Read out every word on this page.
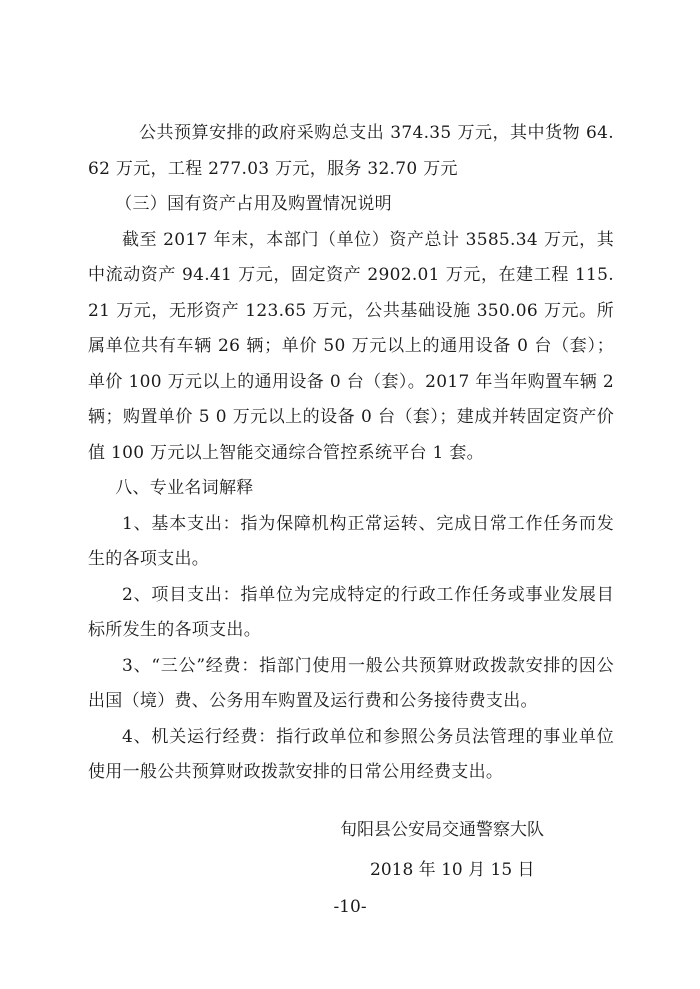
公共预算安排的政府采购总支出 374.35 万元，其中货物 64.62 万元，工程 277.03 万元，服务 32.70 万元

（三）国有资产占用及购置情况说明

截至 2017 年末，本部门（单位）资产总计 3585.34 万元，其中流动资产 94.41 万元，固定资产 2902.01 万元，在建工程 115.21 万元，无形资产 123.65 万元，公共基础设施 350.06 万元。所属单位共有车辆 26 辆；单价 50 万元以上的通用设备 0 台（套）；单价 100 万元以上的通用设备 0 台（套）。2017 年当年购置车辆 2 辆；购置单价 5 0 万元以上的设备 0 台（套）；建成并转固定资产价值 100 万元以上智能交通综合管控系统平台 1 套。

八、专业名词解释

1、基本支出：指为保障机构正常运转、完成日常工作任务而发生的各项支出。

2、项目支出：指单位为完成特定的行政工作任务或事业发展目标所发生的各项支出。

3、“三公”经费：指部门使用一般公共预算财政拨款安排的因公出国（境）费、公务用车购置及运行费和公务接待费支出。

4、机关运行经费：指行政单位和参照公务员法管理的事业单位使用一般公共预算财政拨款安排的日常公用经费支出。

旬阳县公安局交通警察大队
2018 年 10 月 15 日
-10-
